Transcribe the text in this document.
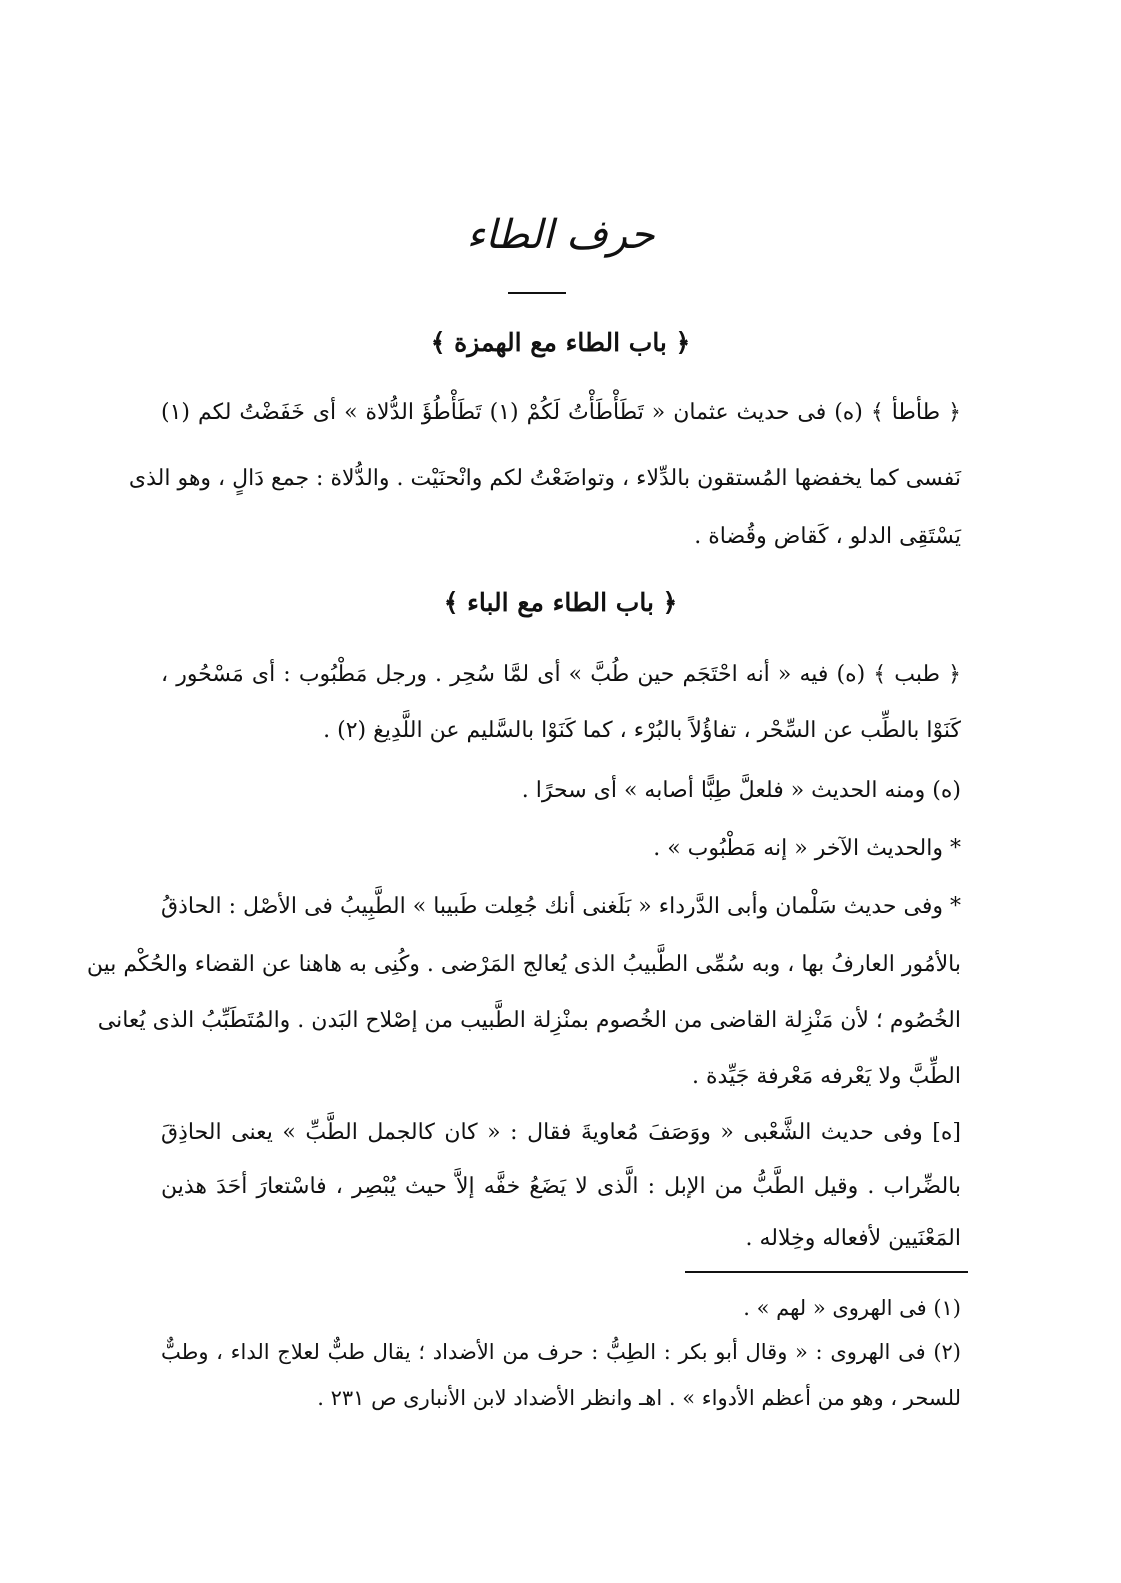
حرف الطاء
﴿ باب الطاء مع الهمزة ﴾
﴿ طأطأ ﴾ (ه) فى حديث عثمان « تَطَأْطَأْتُ لَكُمْ (١) تَطَأْطُؤَ الدُّلاة » أى خَفَضْتُ لكم (١)
نَفسى كما يخفضها المُستقون بالدِّلاء ، وتواضَعْتُ لكم وانْحنَيْت . والدُّلاة : جمع دَالٍ ، وهو الذى
يَسْتَقِى الدلو ، كَقاض وقُضاة .
﴿ باب الطاء مع الباء ﴾
﴿ طبب ﴾ (ه) فيه « أنه احْتَجَم حين طُبَّ » أى لمَّا سُحِر . ورجل مَطْبُوب : أى مَسْحُور ،
كَنَوْا بالطِّب عن السِّحْر ، تفاؤُلاً بالبُرْء ، كما كَنَوْا بالسَّليم عن اللَّدِيغ (٢) .
(ه) ومنه الحديث « فلعلَّ طِبًّا أصابه » أى سحرًا .
* والحديث الآخر « إنه مَطْبُوب » .
* وفى حديث سَلْمان وأبى الدَّرداء « بَلَغنى أنك جُعِلت طَبيبا » الطَّبِيبُ فى الأصْل : الحاذقُ
بالأمُور العارفُ بها ، وبه سُمِّى الطَّبيبُ الذى يُعالج المَرْضى . وكُنِى به هاهنا عن القضاء والحُكْم بين
الخُصُوم ؛ لأن مَنْزِلة القاضى من الخُصوم بمنْزِلة الطَّبيب من إصْلاح البَدن . والمُتَطَبِّبُ الذى يُعانى
الطِّبَّ ولا يَعْرفه مَعْرفة جَيِّدة .
[ه] وفى حديث الشَّعْبى « ووَصَفَ مُعاويةَ فقال : « كان كالجمل الطَّبِّ » يعنى الحاذِقَ
بالضِّراب . وقيل الطَّبُّ من الإبل : الَّذى لا يَضَعُ خفَّه إلاَّ حيث يُبْصِر ، فاسْتعارَ أحَدَ هذين
المَعْنَيين لأفعاله وخِلاله .
(١) فى الهروى « لهم » .
(٢) فى الهروى : « وقال أبو بكر : الطِبُّ : حرف من الأضداد ؛ يقال طبٌّ لعلاج الداء ، وطبٌّ
للسحر ، وهو من أعظم الأدواء » . اهـ وانظر الأضداد لابن الأنبارى ص ٢٣١ .
